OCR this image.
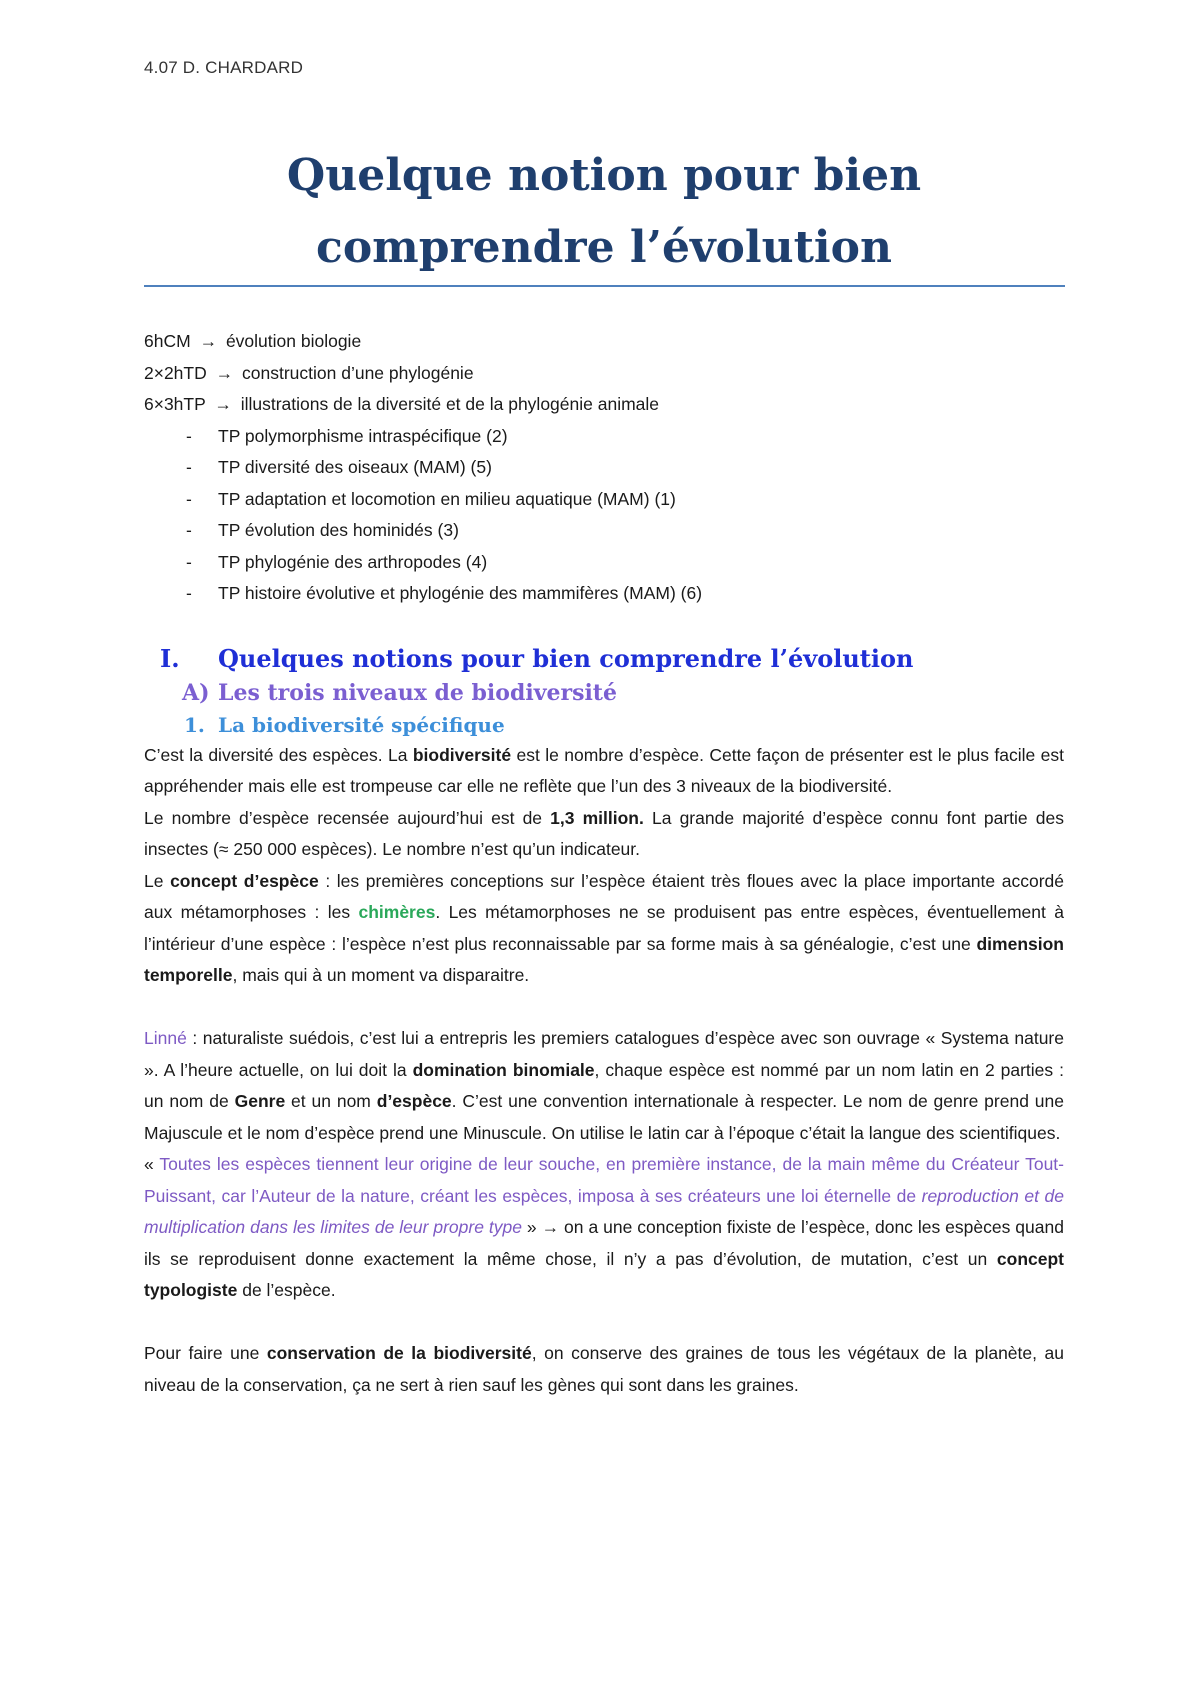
4.07 D. CHARDARD
Quelque notion pour bien
comprendre l’évolution

6hCM → évolution biologie

2×2hTD → construction d’une phylogénie

6×3hTP → illustrations de la diversité et de la phylogénie animale

- TP polymorphisme intraspécifique (2)
- TP diversité des oiseaux (MAM) (5)
- TP adaptation et locomotion en milieu aquatique (MAM) (1)
- TP évolution des hominidés (3)
- TP phylogénie des arthropodes (4)
- TP histoire évolutive et phylogénie des mammifères (MAM) (6)
I. Quelques notions pour bien comprendre l’évolution
A) Les trois niveaux de biodiversité
1. La biodiversité spécifique

C’est la diversité des espèces. La biodiversité est le nombre d’espèce. Cette façon de présenter est le plus facile est appréhender mais elle est trompeuse car elle ne reflète que l’un des 3 niveaux de la biodiversité.

Le nombre d’espèce recensée aujourd’hui est de 1,3 million. La grande majorité d’espèce connu font partie des insectes (≈ 250 000 espèces). Le nombre n’est qu’un indicateur.

Le concept d’espèce : les premières conceptions sur l’espèce étaient très floues avec la place importante accordé aux métamorphoses : les chimères. Les métamorphoses ne se produisent pas entre espèces, éventuellement à l’intérieur d’une espèce : l’espèce n’est plus reconnaissable par sa forme mais à sa généalogie, c’est une dimension temporelle, mais qui à un moment va disparaitre.

Linné : naturaliste suédois, c’est lui a entrepris les premiers catalogues d’espèce avec son ouvrage « Systema nature ». A l’heure actuelle, on lui doit la domination binomiale, chaque espèce est nommé par un nom latin en 2 parties : un nom de Genre et un nom d’espèce. C’est une convention internationale à respecter. Le nom de genre prend une Majuscule et le nom d’espèce prend une Minuscule. On utilise le latin car à l’époque c’était la langue des scientifiques.

« Toutes les espèces tiennent leur origine de leur souche, en première instance, de la main même du Créateur Tout-Puissant, car l’Auteur de la nature, créant les espèces, imposa à ses créateurs une loi éternelle de reproduction et de multiplication dans les limites de leur propre type » → on a une conception fixiste de l’espèce, donc les espèces quand ils se reproduisent donne exactement la même chose, il n’y a pas d’évolution, de mutation, c’est un concept typologiste de l’espèce.

Pour faire une conservation de la biodiversité, on conserve des graines de tous les végétaux de la planète, au niveau de la conservation, ça ne sert à rien sauf les gènes qui sont dans les graines.
